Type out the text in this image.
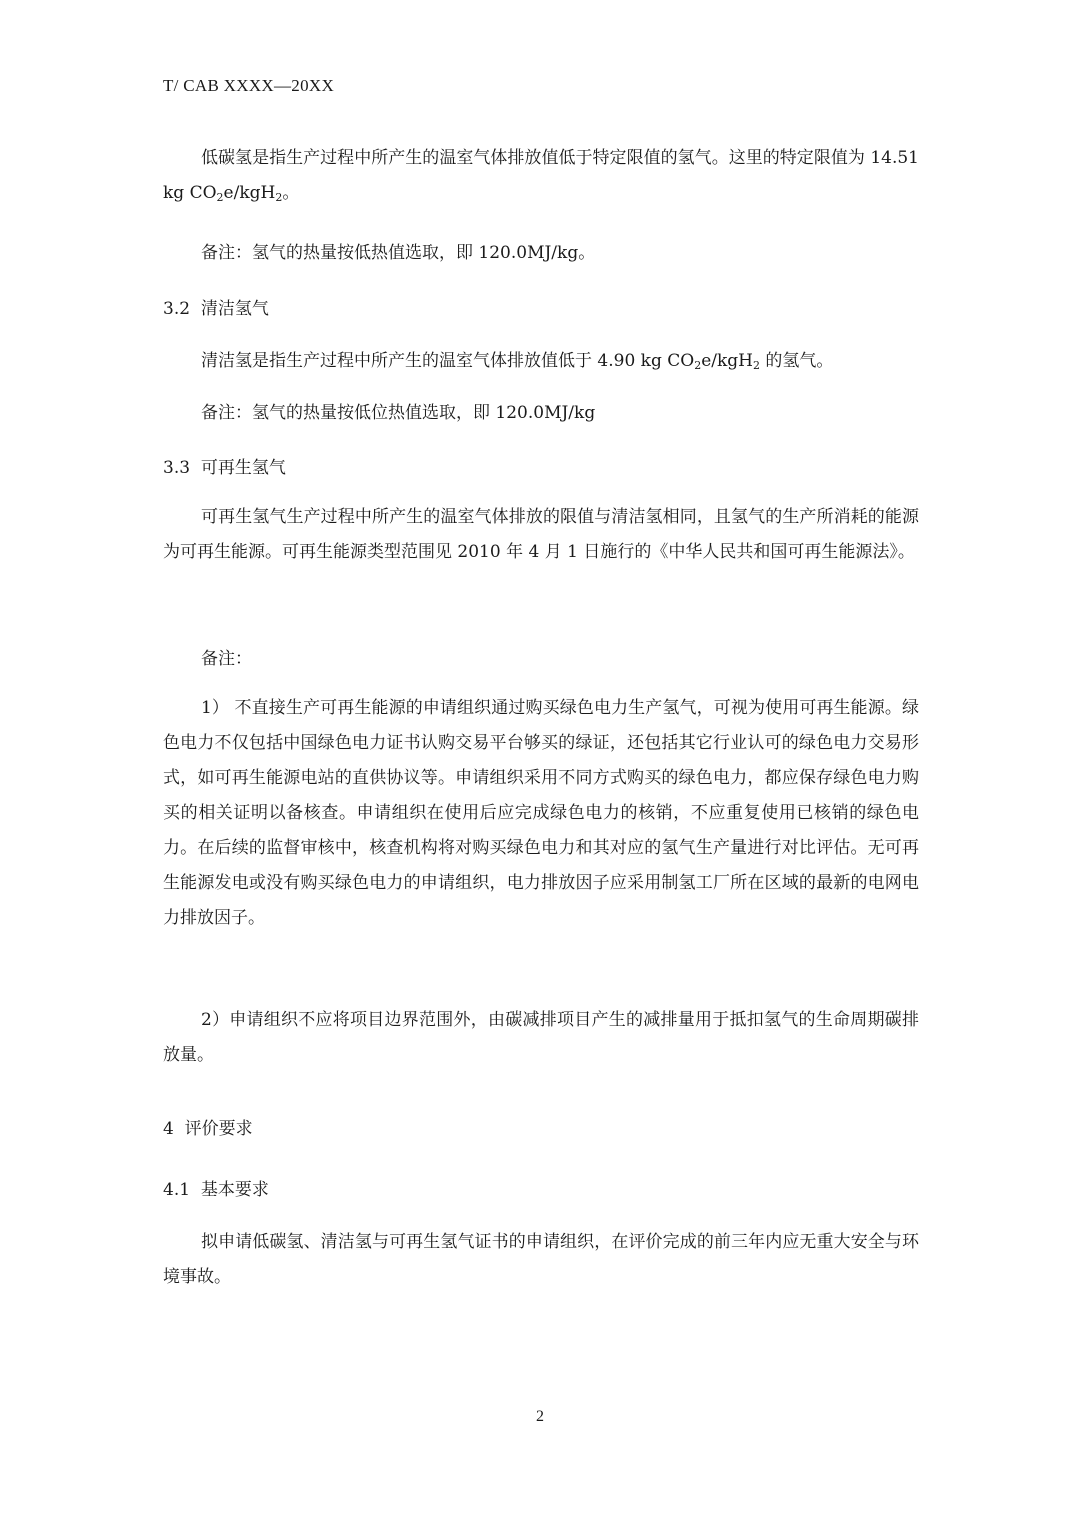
T/ CAB XXXX—20XX
低碳氢是指生产过程中所产生的温室气体排放值低于特定限值的氢气。这里的特定限值为 14.51 kg $CO_2e/kgH_2$。
备注：氢气的热量按低热值选取，即 120.0MJ/kg。
3.2  清洁氢气
清洁氢是指生产过程中所产生的温室气体排放值低于 4.90 kg $CO_2e/kgH_2$ 的氢气。
备注：氢气的热量按低位热值选取，即 120.0MJ/kg
3.3  可再生氢气
可再生氢气生产过程中所产生的温室气体排放的限值与清洁氢相同，且氢气的生产所消耗的能源为可再生能源。可再生能源类型范围见 2010 年 4 月 1 日施行的《中华人民共和国可再生能源法》。
备注：
1） 不直接生产可再生能源的申请组织通过购买绿色电力生产氢气，可视为使用可再生能源。绿色电力不仅包括中国绿色电力证书认购交易平台够买的绿证，还包括其它行业认可的绿色电力交易形式，如可再生能源电站的直供协议等。申请组织采用不同方式购买的绿色电力，都应保存绿色电力购买的相关证明以备核查。申请组织在使用后应完成绿色电力的核销，不应重复使用已核销的绿色电力。在后续的监督审核中，核查机构将对购买绿色电力和其对应的氢气生产量进行对比评估。无可再生能源发电或没有购买绿色电力的申请组织，电力排放因子应采用制氢工厂所在区域的最新的电网电力排放因子。
2）申请组织不应将项目边界范围外，由碳减排项目产生的减排量用于抵扣氢气的生命周期碳排放量。
4  评价要求
4.1  基本要求
拟申请低碳氢、清洁氢与可再生氢气证书的申请组织，在评价完成的前三年内应无重大安全与环境事故。
2
